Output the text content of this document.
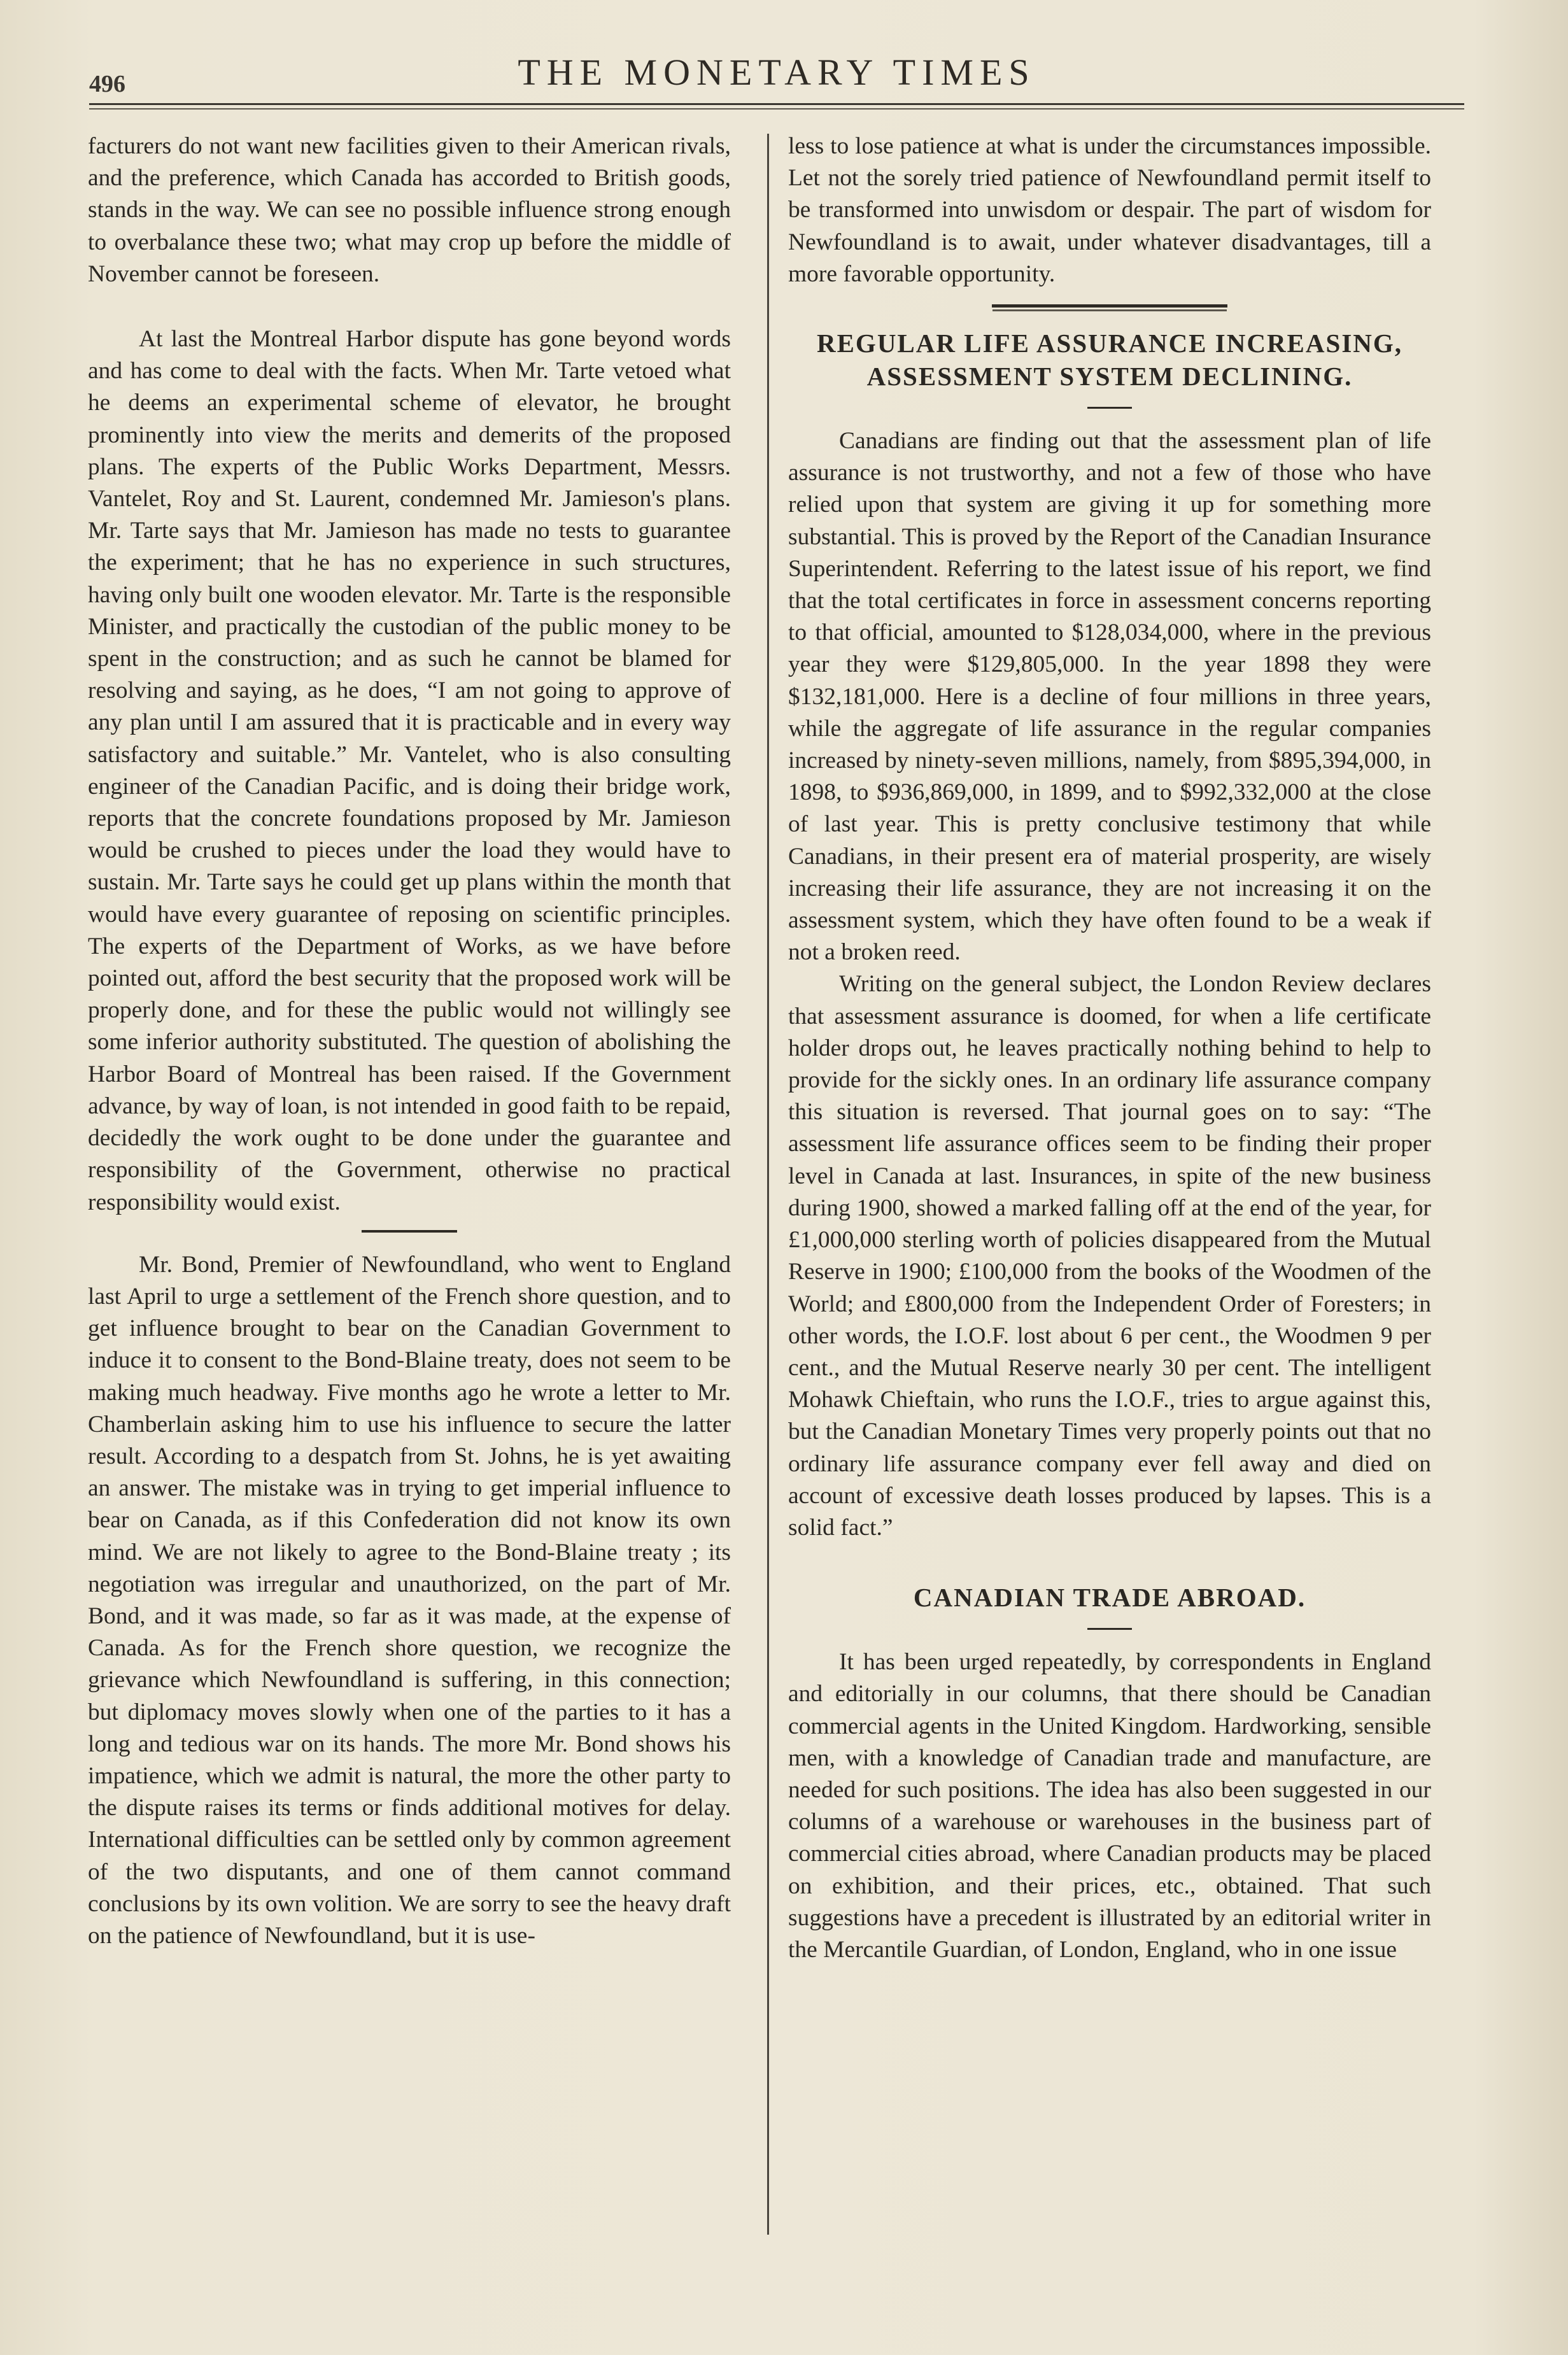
496	THE MONETARY TIMES

facturers do not want new facilities given to their American rivals, and the preference, which Canada has accorded to British goods, stands in the way. We can see no possible influence strong enough to overbalance these two; what may crop up before the middle of November cannot be foreseen.

At last the Montreal Harbor dispute has gone beyond words and has come to deal with the facts. When Mr. Tarte vetoed what he deems an experimental scheme of elevator, he brought prominently into view the merits and demerits of the proposed plans. The experts of the Public Works Department, Messrs. Vantelet, Roy and St. Laurent, condemned Mr. Jamieson's plans. Mr. Tarte says that Mr. Jamieson has made no tests to guarantee the experiment; that he has no experience in such structures, having only built one wooden elevator. Mr. Tarte is the responsible Minister, and practically the custodian of the public money to be spent in the construction; and as such he cannot be blamed for resolving and saying, as he does, “I am not going to approve of any plan until I am assured that it is practicable and in every way satisfactory and suitable.” Mr. Vantelet, who is also consulting engineer of the Canadian Pacific, and is doing their bridge work, reports that the concrete foundations proposed by Mr. Jamieson would be crushed to pieces under the load they would have to sustain. Mr. Tarte says he could get up plans within the month that would have every guarantee of reposing on scientific principles. The experts of the Department of Works, as we have before pointed out, afford the best security that the proposed work will be properly done, and for these the public would not willingly see some inferior authority substituted. The question of abolishing the Harbor Board of Montreal has been raised. If the Government advance, by way of loan, is not intended in good faith to be repaid, decidedly the work ought to be done under the guarantee and responsibility of the Government, otherwise no practical responsibility would exist.

Mr. Bond, Premier of Newfoundland, who went to England last April to urge a settlement of the French shore question, and to get influence brought to bear on the Canadian Government to induce it to consent to the Bond-Blaine treaty, does not seem to be making much headway. Five months ago he wrote a letter to Mr. Chamberlain asking him to use his influence to secure the latter result. According to a despatch from St. Johns, he is yet awaiting an answer. The mistake was in trying to get imperial influence to bear on Canada, as if this Confederation did not know its own mind. We are not likely to agree to the Bond-Blaine treaty ; its negotiation was irregular and unauthorized, on the part of Mr. Bond, and it was made, so far as it was made, at the expense of Canada. As for the French shore question, we recognize the grievance which Newfoundland is suffering, in this connection; but diplomacy moves slowly when one of the parties to it has a long and tedious war on its hands. The more Mr. Bond shows his impatience, which we admit is natural, the more the other party to the dispute raises its terms or finds additional motives for delay. International difficulties can be settled only by common agreement of the two disputants, and one of them cannot command conclusions by its own volition. We are sorry to see the heavy draft on the patience of Newfoundland, but it is use-

less to lose patience at what is under the circumstances impossible. Let not the sorely tried patience of Newfoundland permit itself to be transformed into unwisdom or despair. The part of wisdom for Newfoundland is to await, under whatever disadvantages, till a more favorable opportunity.

REGULAR LIFE ASSURANCE INCREASING, ASSESSMENT SYSTEM DECLINING.

Canadians are finding out that the assessment plan of life assurance is not trustworthy, and not a few of those who have relied upon that system are giving it up for something more substantial. This is proved by the Report of the Canadian Insurance Superintendent. Referring to the latest issue of his report, we find that the total certificates in force in assessment concerns reporting to that official, amounted to $128,034,000, where in the previous year they were $129,805,000. In the year 1898 they were $132,181,000. Here is a decline of four millions in three years, while the aggregate of life assurance in the regular companies increased by ninety-seven millions, namely, from $895,394,000, in 1898, to $936,869,000, in 1899, and to $992,332,000 at the close of last year. This is pretty conclusive testimony that while Canadians, in their present era of material prosperity, are wisely increasing their life assurance, they are not increasing it on the assessment system, which they have often found to be a weak if not a broken reed.

Writing on the general subject, the London Review declares that assessment assurance is doomed, for when a life certificate holder drops out, he leaves practically nothing behind to help to provide for the sickly ones. In an ordinary life assurance company this situation is reversed. That journal goes on to say: “The assessment life assurance offices seem to be finding their proper level in Canada at last. Insurances, in spite of the new business during 1900, showed a marked falling off at the end of the year, for £1,000,000 sterling worth of policies disappeared from the Mutual Reserve in 1900; £100,000 from the books of the Woodmen of the World; and £800,000 from the Independent Order of Foresters; in other words, the I.O.F. lost about 6 per cent., the Woodmen 9 per cent., and the Mutual Reserve nearly 30 per cent. The intelligent Mohawk Chieftain, who runs the I.O.F., tries to argue against this, but the Canadian Monetary Times very properly points out that no ordinary life assurance company ever fell away and died on account of excessive death losses produced by lapses. This is a solid fact.”

CANADIAN TRADE ABROAD.

It has been urged repeatedly, by correspondents in England and editorially in our columns, that there should be Canadian commercial agents in the United Kingdom. Hardworking, sensible men, with a knowledge of Canadian trade and manufacture, are needed for such positions. The idea has also been suggested in our columns of a warehouse or warehouses in the business part of commercial cities abroad, where Canadian products may be placed on exhibition, and their prices, etc., obtained. That such suggestions have a precedent is illustrated by an editorial writer in the Mercantile Guardian, of London, England, who in one issue
